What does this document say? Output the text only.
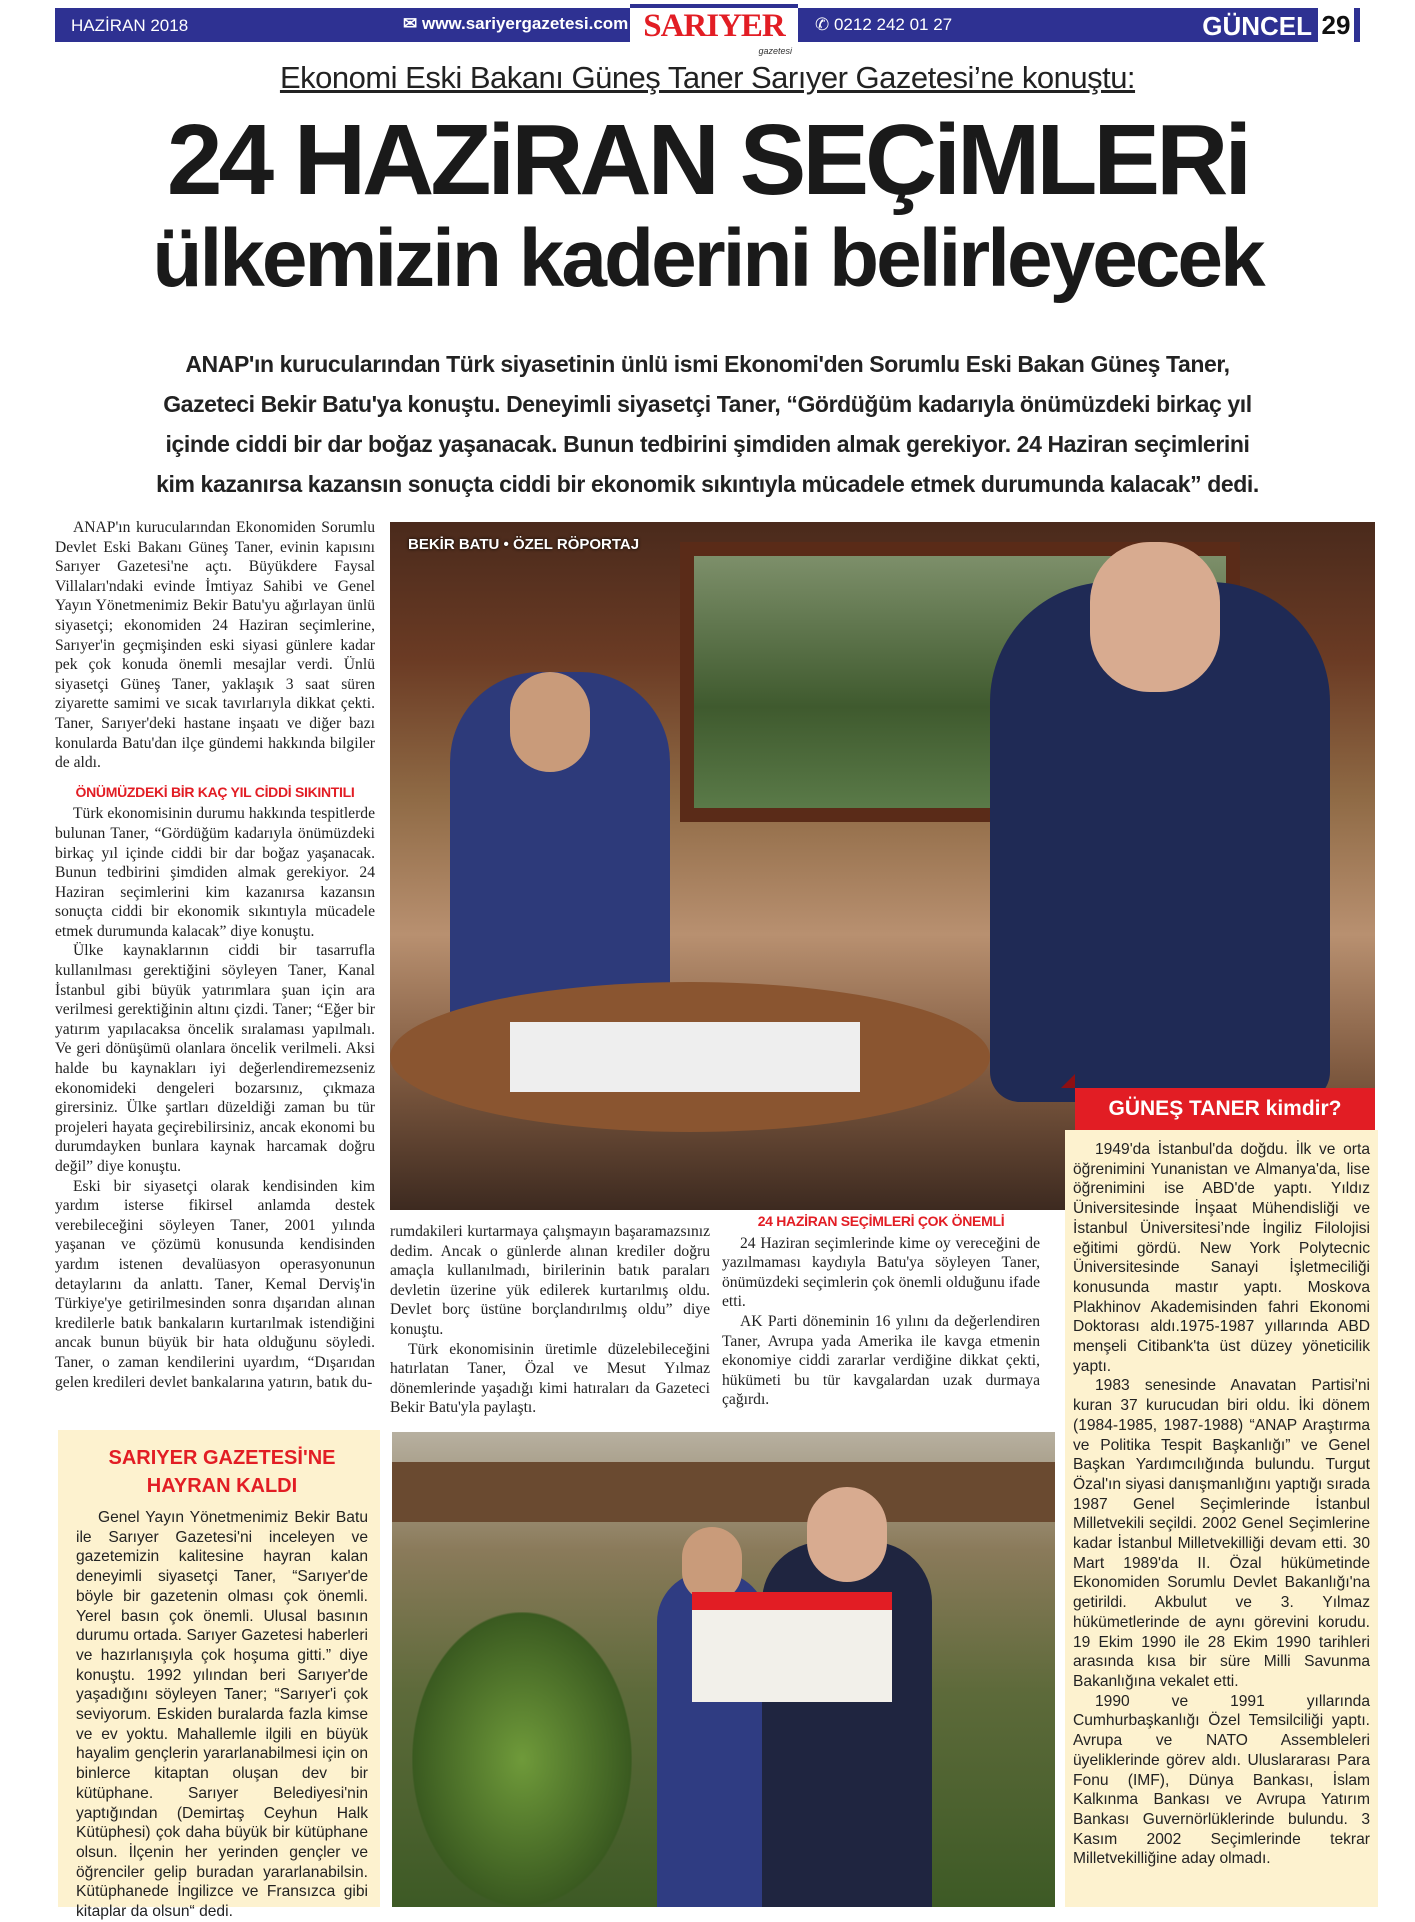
HAZİRAN 2018	✉ www.sariyergazetesi.com SARIYER
gazetesi
✆ 0212 242 01 27	GÜNCEL 29
Ekonomi Eski Bakanı Güneş Taner Sarıyer Gazetesi’ne konuştu:
24 HAZiRAN SEÇiMLERi
ülkemizin kaderini belirleyecek

ANAP'ın kurucularından Türk siyasetinin ünlü ismi Ekonomi'den Sorumlu Eski Bakan Güneş Taner,

Gazeteci Bekir Batu'ya konuştu. Deneyimli siyasetçi Taner, “Gördüğüm kadarıyla önümüzdeki birkaç yıl

içinde ciddi bir dar boğaz yaşanacak. Bunun tedbirini şimdiden almak gerekiyor. 24 Haziran seçimlerini

kim kazanırsa kazansın sonuçta ciddi bir ekonomik sıkıntıyla mücadele etmek durumunda kalacak” dedi.

ANAP'ın kurucularından Ekonomiden Sorumlu Devlet Eski Bakanı Güneş Taner, evinin kapısını Sarıyer Gazetesi'ne açtı. Büyükdere Faysal Villaları'ndaki evinde İmtiyaz Sahibi ve Genel Yayın Yönetmenimiz Bekir Batu'yu ağırlayan ünlü siyasetçi; ekonomiden 24 Haziran seçimlerine, Sarıyer'in geçmişinden eski siyasi günlere kadar pek çok konuda önemli mesajlar verdi. Ünlü siyasetçi Güneş Taner, yaklaşık 3 saat süren ziyarette samimi ve sıcak tavırlarıyla dikkat çekti. Taner, Sarıyer'deki hastane inşaatı ve diğer bazı konularda Batu'dan ilçe gündemi hakkında bilgiler de aldı.

ÖNÜMÜZDEKİ BİR KAÇ YIL CİDDİ SIKINTILI

Türk ekonomisinin durumu hakkında tespitlerde bulunan Taner, “Gördüğüm kadarıyla önümüzdeki birkaç yıl içinde ciddi bir dar boğaz yaşanacak. Bunun tedbirini şimdiden almak gerekiyor. 24 Haziran seçimlerini kim kazanırsa kazansın sonuçta ciddi bir ekonomik sıkıntıyla mücadele etmek durumunda kalacak” diye konuştu.

Ülke kaynaklarının ciddi bir tasarrufla kullanılması gerektiğini söyleyen Taner, Kanal İstanbul gibi büyük yatırımlara şuan için ara verilmesi gerektiğinin altını çizdi. Taner; “Eğer bir yatırım yapılacaksa öncelik sıralaması yapılmalı. Ve geri dönüşümü olanlara öncelik verilmeli. Aksi halde bu kaynakları iyi değerlendiremezseniz ekonomideki dengeleri bozarsınız, çıkmaza girersiniz. Ülke şartları düzeldiği zaman bu tür projeleri hayata geçirebilirsiniz, ancak ekonomi bu durumdayken bunlara kaynak harcamak doğru değil” diye konuştu.

Eski bir siyasetçi olarak kendisinden kim yardım isterse fikirsel anlamda destek verebileceğini söyleyen Taner, 2001 yılında yaşanan ve çözümü konusunda kendisinden yardım istenen devalüasyon operasyonunun detaylarını da anlattı. Taner, Kemal Derviş'in Türkiye'ye getirilmesinden sonra dışarıdan alınan kredilerle batık bankaların kurtarılmak istendiğini ancak bunun büyük bir hata olduğunu söyledi. Taner, o zaman kendilerini uyardım, “Dışarıdan gelen kredileri devlet bankalarına yatırın, batık du-

BEKİR BATU • ÖZEL RÖPORTAJ
GÜNEŞ TANER kimdir?

rumdakileri kurtarmaya çalışmayın başaramazsınız dedim. Ancak o günlerde alınan krediler doğru amaçla kullanılmadı, birilerinin batık paraları devletin üzerine yük edilerek kurtarılmış oldu. Devlet borç üstüne borçlandırılmış oldu” diye konuştu.

Türk ekonomisinin üretimle düzelebileceğini hatırlatan Taner, Özal ve Mesut Yılmaz dönemlerinde yaşadığı kimi hatıraları da Gazeteci Bekir Batu'yla paylaştı.

24 HAZİRAN SEÇİMLERİ ÇOK ÖNEMLİ

24 Haziran seçimlerinde kime oy vereceğini de yazılmaması kaydıyla Batu'ya söyleyen Taner, önümüzdeki seçimlerin çok önemli olduğunu ifade etti.

AK Parti döneminin 16 yılını da değerlendiren Taner, Avrupa yada Amerika ile kavga etmenin ekonomiye ciddi zararlar verdiğine dikkat çekti, hükümeti bu tür kavgalardan uzak durmaya çağırdı.

1949'da İstanbul'da doğdu. İlk ve orta öğrenimini Yunanistan ve Almanya'da, lise öğrenimini ise ABD'de yaptı. Yıldız Üniversitesinde İnşaat Mühendisliği ve İstanbul Üniversitesi’nde İngiliz Filolojisi eğitimi gördü. New York Polytecnic Üniversitesinde Sanayi İşletmeciliği konusunda mastır yaptı. Moskova Plakhinov Akademisinden fahri Ekonomi Doktorası aldı.1975-1987 yıllarında ABD menşeli Citibank'ta üst düzey yöneticilik yaptı.

1983 senesinde Anavatan Partisi'ni kuran 37 kurucudan biri oldu. İki dönem (1984-1985, 1987-1988) “ANAP Araştırma ve Politika Tespit Başkanlığı” ve Genel Başkan Yardımcılığında bulundu. Turgut Özal'ın siyasi danışmanlığını yaptığı sırada 1987 Genel Seçimlerinde İstanbul Milletvekili seçildi. 2002 Genel Seçimlerine kadar İstanbul Milletvekilliği devam etti. 30 Mart 1989'da II. Özal hükümetinde Ekonomiden Sorumlu Devlet Bakanlığı'na getirildi. Akbulut ve 3. Yılmaz hükümetlerinde de aynı görevini korudu. 19 Ekim 1990 ile 28 Ekim 1990 tarihleri arasında kısa bir süre Milli Savunma Bakanlığına vekalet etti.

1990 ve 1991 yıllarında Cumhurbaşkanlığı Özel Temsilciliği yaptı. Avrupa ve NATO Assembleleri üyeliklerinde görev aldı. Uluslararası Para Fonu (IMF), Dünya Bankası, İslam Kalkınma Bankası ve Avrupa Yatırım Bankası Guvernörlüklerinde bulundu. 3 Kasım 2002 Seçimlerinde tekrar Milletvekilliğine aday olmadı.

SARIYER GAZETESİ'NE
HAYRAN KALDI

Genel Yayın Yönetmenimiz Bekir Batu ile Sarıyer Gazetesi'ni inceleyen ve gazetemizin kalitesine hayran kalan deneyimli siyasetçi Taner, “Sarıyer'de böyle bir gazetenin olması çok önemli. Yerel basın çok önemli. Ulusal basının durumu ortada. Sarıyer Gazetesi haberleri ve hazırlanışıyla çok hoşuma gitti.” diye konuştu. 1992 yılından beri Sarıyer'de yaşadığını söyleyen Taner; “Sarıyer'i çok seviyorum. Eskiden buralarda fazla kimse ve ev yoktu. Mahallemle ilgili en büyük hayalim gençlerin yararlanabilmesi için on binlerce kitaptan oluşan dev bir kütüphane. Sarıyer Belediyesi'nin yaptığından (Demirtaş Ceyhun Halk Kütüphesi) çok daha büyük bir kütüphane olsun. İlçenin her yerinden gençler ve öğrenciler gelip buradan yararlanabilsin. Kütüphanede İngilizce ve Fransızca gibi kitaplar da olsun“ dedi.
